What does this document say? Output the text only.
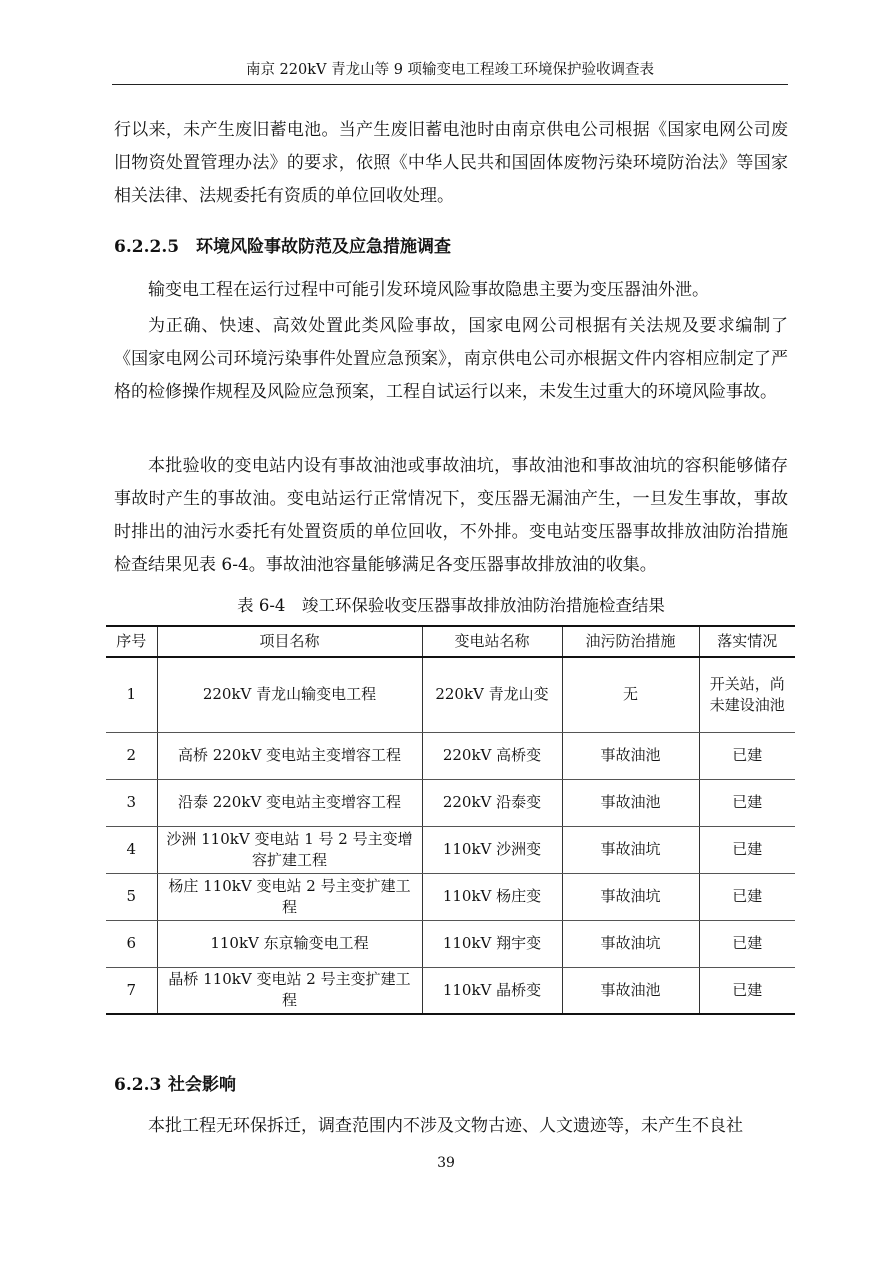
南京 220kV 青龙山等 9 项输变电工程竣工环境保护验收调查表
行以来，未产生废旧蓄电池。当产生废旧蓄电池时由南京供电公司根据《国家电网公司废旧物资处置管理办法》的要求，依照《中华人民共和国固体废物污染环境防治法》等国家相关法律、法规委托有资质的单位回收处理。
6.2.2.5 环境风险事故防范及应急措施调查
输变电工程在运行过程中可能引发环境风险事故隐患主要为变压器油外泄。
为正确、快速、高效处置此类风险事故，国家电网公司根据有关法规及要求编制了《国家电网公司环境污染事件处置应急预案》，南京供电公司亦根据文件内容相应制定了严格的检修操作规程及风险应急预案，工程自试运行以来，未发生过重大的环境风险事故。
本批验收的变电站内设有事故油池或事故油坑，事故油池和事故油坑的容积能够储存事故时产生的事故油。变电站运行正常情况下，变压器无漏油产生，一旦发生事故，事故时排出的油污水委托有处置资质的单位回收，不外排。变电站变压器事故排放油防治措施检查结果见表 6-4。事故油池容量能够满足各变压器事故排放油的收集。
表 6-4　竣工环保验收变压器事故排放油防治措施检查结果
序号	项目名称	变电站名称	油污防治措施	落实情况
1	220kV 青龙山输变电工程	220kV 青龙山变	无	开关站，尚未建设油池
2	高桥 220kV 变电站主变增容工程	220kV 高桥变	事故油池	已建
3	沿泰 220kV 变电站主变增容工程	220kV 沿泰变	事故油池	已建
4	沙洲 110kV 变电站 1 号 2 号主变增容扩建工程	110kV 沙洲变	事故油坑	已建
5	杨庄 110kV 变电站 2 号主变扩建工程	110kV 杨庄变	事故油坑	已建
6	110kV 东京输变电工程	110kV 翔宇变	事故油坑	已建
7	晶桥 110kV 变电站 2 号主变扩建工程	110kV 晶桥变	事故油池	已建
6.2.3 社会影响
本批工程无环保拆迁，调查范围内不涉及文物古迹、人文遗迹等，未产生不良社
39
